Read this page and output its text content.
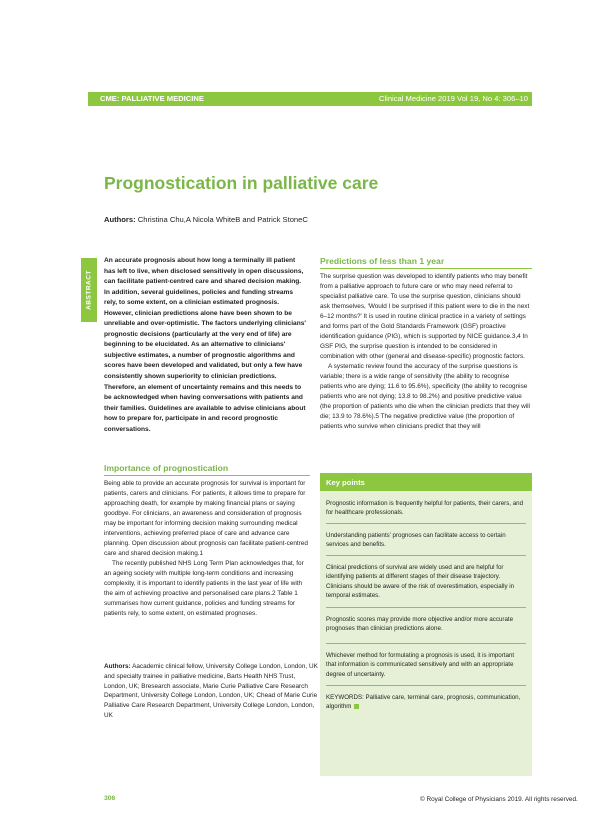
CME: PALLIATIVE MEDICINE	Clinical Medicine 2019 Vol 19, No 4: 306–10
Prognostication in palliative care
Authors: Christina Chu,A Nicola WhiteB and Patrick StoneC
ABSTRACT

An accurate prognosis about how long a terminally ill patient has left to live, when disclosed sensitively in open discussions, can facilitate patient-centred care and shared decision making. In addition, several guidelines, policies and funding streams rely, to some extent, on a clinician estimated prognosis. However, clinician predictions alone have been shown to be unreliable and over-optimistic. The factors underlying clinicians' prognostic decisions (particularly at the very end of life) are beginning to be elucidated. As an alternative to clinicians' subjective estimates, a number of prognostic algorithms and scores have been developed and validated, but only a few have consistently shown superiority to clinician predictions. Therefore, an element of uncertainty remains and this needs to be acknowledged when having conversations with patients and their families. Guidelines are available to advise clinicians about how to prepare for, participate in and record prognostic conversations.

Importance of prognostication

Being able to provide an accurate prognosis for survival is important for patients, carers and clinicians. For patients, it allows time to prepare for approaching death, for example by making financial plans or saying goodbye. For clinicians, an awareness and consideration of prognosis may be important for informing decision making surrounding medical interventions, achieving preferred place of care and advance care planning. Open discussion about prognosis can facilitate patient-centred care and shared decision making.1

The recently published NHS Long Term Plan acknowledges that, for an ageing society with multiple long-term conditions and increasing complexity, it is important to identify patients in the last year of life with the aim of achieving proactive and personalised care plans.2 Table 1 summarises how current guidance, policies and funding streams for patients rely, to some extent, on estimated prognoses.

Predictions of less than 1 year

The surprise question was developed to identify patients who may benefit from a palliative approach to future care or who may need referral to specialist palliative care. To use the surprise question, clinicians should ask themselves, 'Would I be surprised if this patient were to die in the next 6–12 months?' It is used in routine clinical practice in a variety of settings and forms part of the Gold Standards Framework (GSF) proactive identification guidance (PIG), which is supported by NICE guidance.3,4 In GSF PIG, the surprise question is intended to be considered in combination with other (general and disease-specific) prognostic factors.

A systematic review found the accuracy of the surprise questions is variable; there is a wide range of sensitivity (the ability to recognise patients who are dying; 11.6 to 95.6%), specificity (the ability to recognise patients who are not dying; 13.8 to 98.2%) and positive predictive value (the proportion of patients who die when the clinician predicts that they will die; 13.9 to 78.6%).5 The negative predictive value (the proportion of patients who survive when clinicians predict that they will

Key points

Prognostic information is frequently helpful for patients, their carers, and for healthcare professionals.

Understanding patients' prognoses can facilitate access to certain services and benefits.

Clinical predictions of survival are widely used and are helpful for identifying patients at different stages of their disease trajectory. Clinicians should be aware of the risk of overestimation, especially in temporal estimates.

Prognostic scores may provide more objective and/or more accurate prognoses than clinician predictions alone.

Whichever method for formulating a prognosis is used, it is important that information is communicated sensitively and with an appropriate degree of uncertainty.

KEYWORDS: Palliative care, terminal care, prognosis, communication, algorithm

Authors: Aacademic clinical fellow, University College London, London, UK and specialty trainee in palliative medicine, Barts Health NHS Trust, London, UK; Bresearch associate, Marie Curie Palliative Care Research Department, University College London, London, UK; Chead of Marie Curie Palliative Care Research Department, University College London, London, UK

306	© Royal College of Physicians 2019. All rights reserved.
